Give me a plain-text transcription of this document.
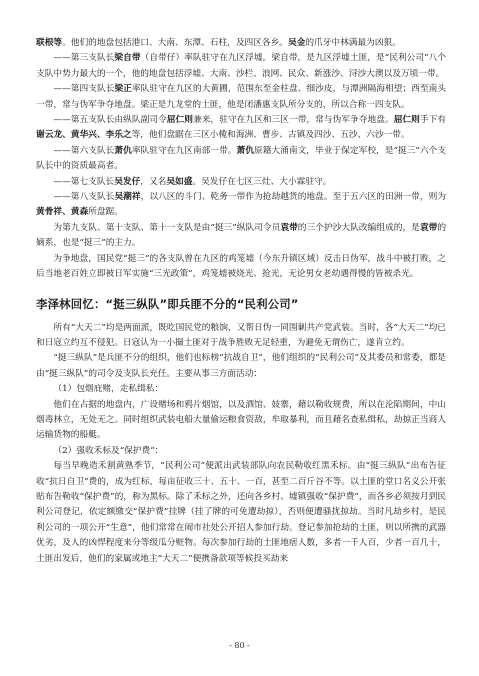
联根等。他们的地盘包括港口、大南、东潭、石柱，及四区各乡。吴金的爪牙中林满最为凶狠。

——第三支队长梁自带（自带仔）率队驻守在九区浮墟。梁自带，是九区浮墟土匪，是“民利公司”八个支队中势力最大的一个，他的地盘包括浮墟、大南、沙栏、浪网、民众、新涨沙、浔沙大澳以及万顷一带。

——第四支队长梁正率队驻守在九区的大黄圃，范围东至金柱盘、细沙皮，与潭洲隔海相望；西至南头一带，常与伪军争夺地盘。梁正是九龙堂的土匪，他是闭潘惠支队所分支的，所以合称一四支队。

——第五支队长由纵队副司令屈仁则兼来，驻守在九区和三区一带，常与伪军争夺地盘。屈仁则手下有谢云龙、黄华兴、李乐之等，他们盘踞在三区小榄和海洲、曹步、古镇及四沙、五沙、六沙一带。

——第六支队长萧仇率队驻守在九区南部一带。萧仇原籍大涌南文，毕业于保定军校，是“挺三”六个支队长中的资质最高者。

——第七支队长吴发仔，又名吴如盛。吴发仔在七区三灶、大小霖驻守。

——第八支队长吴潮祥，以八区的斗门、乾务一带作为抢劫越货的地盘。至于五六区的田洲一带，则为黄骨祥、黄森所盘踞。

为第九支队、第十支队、第十一支队是由“挺三”纵队司令员袁带的三个护沙大队改编组成的，是袁带的嫡系，也是“挺三”的主力。

为争地盘，国民党“挺三”的各支队曾在九区的鸡笼墟（今东升镇区域）反击日伪军，战斗中被打败，之后当地老百姓立即被日军实施“三光政策”，鸡笼墟被烧光、抢光，无论男女老幼遇得慢的皆被杀光。

李泽林回忆：“挺三纵队”即兵匪不分的“民利公司”

所有“大天二”均是两面派，既吃国民党的粮饷，又帮日伪一同围剿共产党武装。当时，各“大天二”均已和日寇立约互不侵犯。日寇认为一小撮土匪对于战争胜败无足轻重，为避免无谓伤亡，遂肯立约。

“挺三纵队”是兵匪不分的组织，他们也标榜“抗战自卫”，他们组织的“民利公司”及其委员和常委，都是由“挺三纵队”的司令及支队长充任。主要从事三方面活动：

（1）包烟庇赌，走私缉私：

他们在占据的地盘内，广设赌场和鸦片烟馆，以及酒馆、妓寨，藉以勒收规费，所以在沦陷期间，中山烟毒林立，无处无之。同时组织武装电船大量偷运粮食资敌，牟取暴利，而且藉名查私缉私，劫掠正当商人运输货物的船艇。

（2）强收禾标及“保护费”：

每当早晚造禾割黄熟季节，“民利公司”便派出武装部队向农民勒收红黑禾标。由“挺三纵队”出布告征收“抗日自卫”费的，成为红标，每亩征收三十、五十、一百，甚至二百斤谷不等。以土匪的堂口名义公开张贴布告勒收“保护费”的，称为黑标。除了禾标之外，还向各乡村、墟镇强收“保护费”，而各乡必须按月到民利公司登记，依定额缴交“保护费”挂牌（挂了牌的可免遭劫掠），否则便遭骚扰掠劫。当时凡劫乡村，是民利公司的一项公开“生意”，他们常常在闹市社处公开招人参加行劫。登记参加抢劫的土匪，则以所携的武器优劣，及人的凶悍程度来分等级瓜分赃物。每次参加行劫的土匪地痞人数，多者一千人百，少者一百几十，土匪出发后，他们的家属或地主“大天二”便携备款项等候投买劫来

- 80 -
